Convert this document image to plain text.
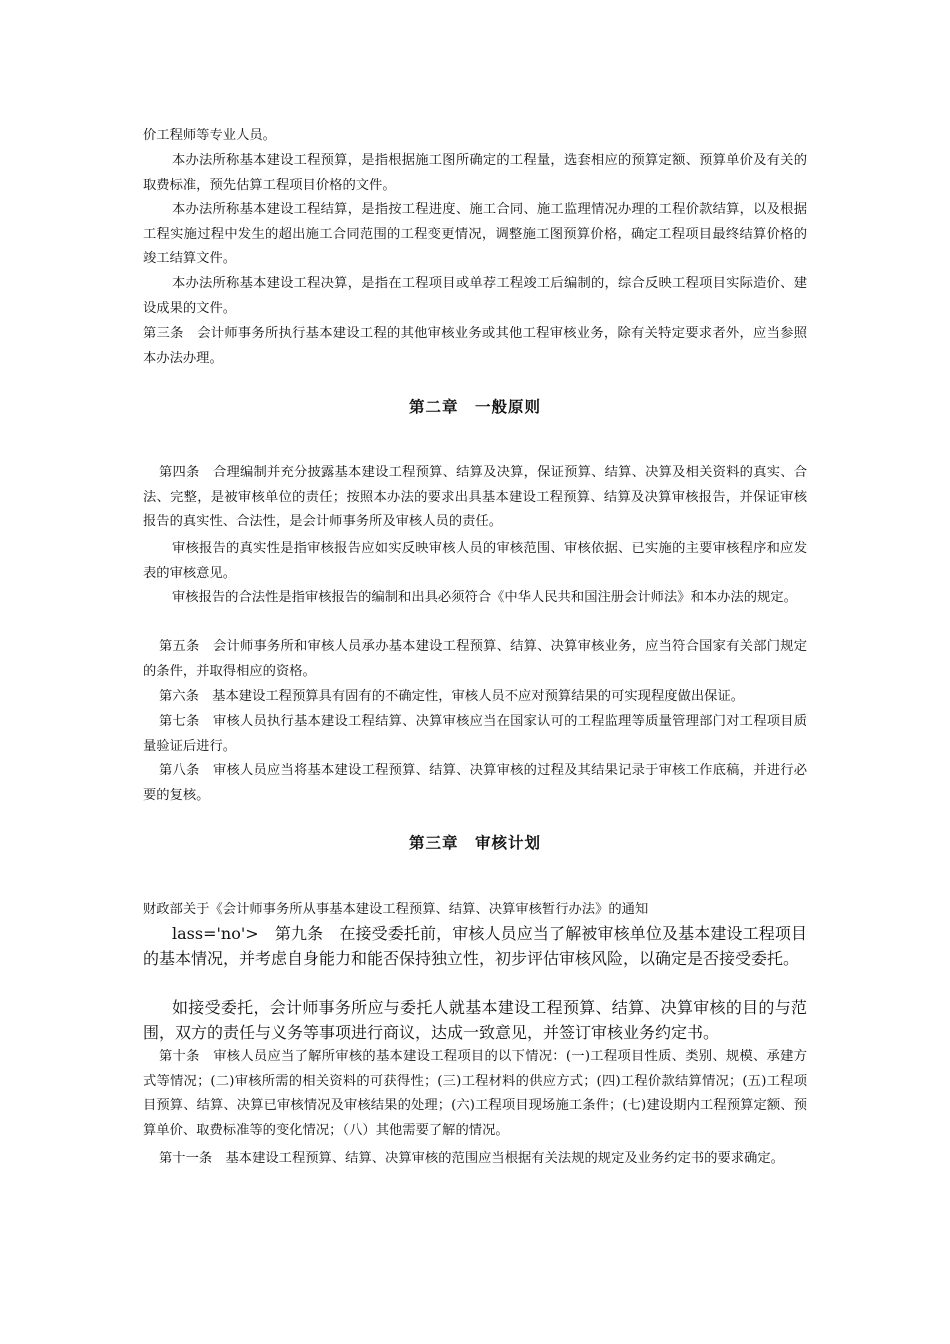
价工程师等专业人员。

本办法所称基本建设工程预算，是指根据施工图所确定的工程量，选套相应的预算定额、预算单价及有关的取费标准，预先估算工程项目价格的文件。

本办法所称基本建设工程结算，是指按工程进度、施工合同、施工监理情况办理的工程价款结算，以及根据工程实施过程中发生的超出施工合同范围的工程变更情况，调整施工图预算价格，确定工程项目最终结算价格的竣工结算文件。

本办法所称基本建设工程决算，是指在工程项目或单荐工程竣工后编制的，综合反映工程项目实际造价、建设成果的文件。

第三条　会计师事务所执行基本建设工程的其他审核业务或其他工程审核业务，除有关特定要求者外，应当参照本办法办理。

第二章　一般原则

第四条　合理编制并充分披露基本建设工程预算、结算及决算，保证预算、结算、决算及相关资料的真实、合法、完整，是被审核单位的责任；按照本办法的要求出具基本建设工程预算、结算及决算审核报告，并保证审核报告的真实性、合法性，是会计师事务所及审核人员的责任。

审核报告的真实性是指审核报告应如实反映审核人员的审核范围、审核依据、已实施的主要审核程序和应发表的审核意见。

审核报告的合法性是指审核报告的编制和出具必须符合《中华人民共和国注册会计师法》和本办法的规定。

第五条　会计师事务所和审核人员承办基本建设工程预算、结算、决算审核业务，应当符合国家有关部门规定的条件，并取得相应的资格。

第六条　基本建设工程预算具有固有的不确定性，审核人员不应对预算结果的可实现程度做出保证。

第七条　审核人员执行基本建设工程结算、决算审核应当在国家认可的工程监理等质量管理部门对工程项目质量验证后进行。

第八条　审核人员应当将基本建设工程预算、结算、决算审核的过程及其结果记录于审核工作底稿，并进行必要的复核。

第三章　审核计划

财政部关于《会计师事务所从事基本建设工程预算、结算、决算审核暂行办法》的通知

lass='no'>　第九条　在接受委托前，审核人员应当了解被审核单位及基本建设工程项目的基本情况，并考虑自身能力和能否保持独立性，初步评估审核风险，以确定是否接受委托。

如接受委托，会计师事务所应与委托人就基本建设工程预算、结算、决算审核的目的与范围，双方的责任与义务等事项进行商议，达成一致意见，并签订审核业务约定书。

第十条　审核人员应当了解所审核的基本建设工程项目的以下情况：(一)工程项目性质、类别、规模、承建方式等情况；(二)审核所需的相关资料的可获得性；(三)工程材料的供应方式；(四)工程价款结算情况；(五)工程项目预算、结算、决算已审核情况及审核结果的处理；(六)工程项目现场施工条件；(七)建设期内工程预算定额、预算单价、取费标准等的变化情况；（八）其他需要了解的情况。

第十一条　基本建设工程预算、结算、决算审核的范围应当根据有关法规的规定及业务约定书的要求确定。
